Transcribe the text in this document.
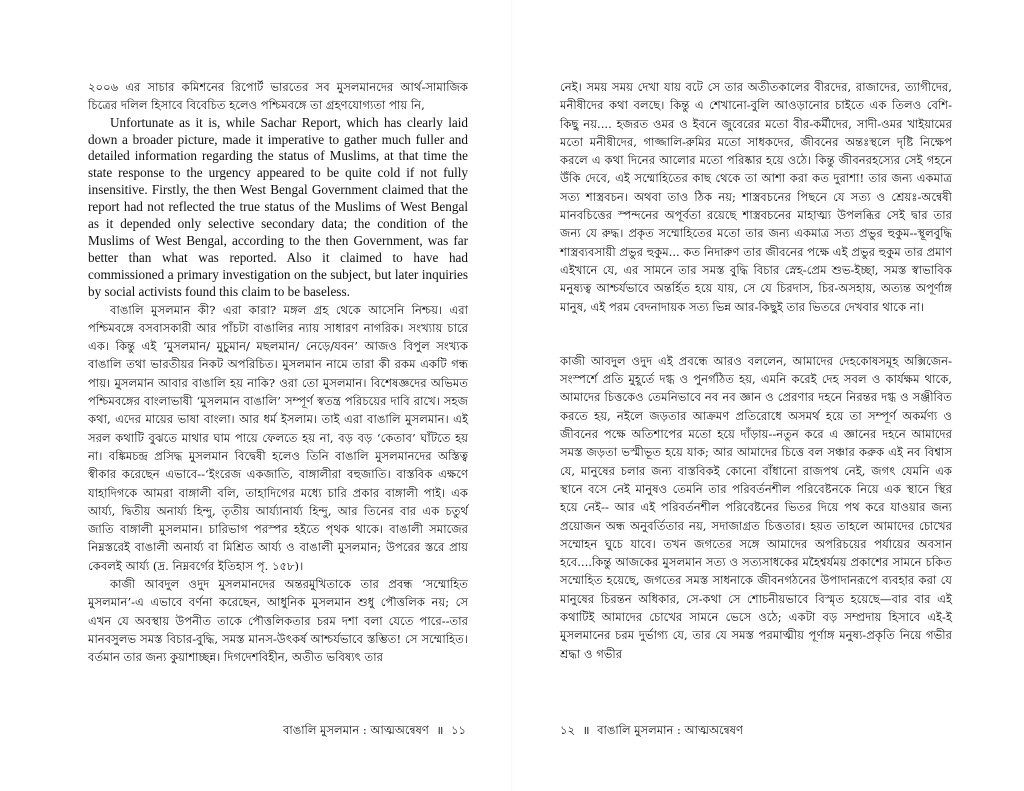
২০০৬ এর সাচার কমিশনের রিপোর্ট ভারতের সব মুসলমানদের আর্থ-সামাজিক চিত্রের দলিল হিসাবে বিবেচিত হলেও পশ্চিমবঙ্গে তা গ্রহণযোগ্যতা পায় নি,

Unfortunate as it is, while Sachar Report, which has clearly laid down a broader picture, made it imperative to gather much fuller and detailed information regarding the status of Muslims, at that time the state response to the urgency appeared to be quite cold if not fully insensitive. Firstly, the then West Bengal Government claimed that the report had not reflected the true status of the Muslims of West Bengal as it depended only selective secondary data; the condition of the Muslims of West Bengal, according to the then Government, was far better than what was reported. Also it claimed to have had commissioned a primary investigation on the subject, but later inquiries by social activists found this claim to be baseless.

বাঙালি মুসলমান কী? এরা কারা? মঙ্গল গ্রহ থেকে আসেনি নিশ্চয়। এরা পশ্চিমবঙ্গে বসবাসকারী আর পাঁচটা বাঙালির ন্যায় সাধারণ নাগরিক। সংখ্যায় চারে এক। কিন্তু এই ‘মুসলমান/ মুচুমান/ মছলমান/ নেড়ে/যবন’ আজও বিপুল সংখ্যক বাঙালি তথা ভারতীয়র নিকট অপরিচিত। মুসলমান নামে তারা কী রকম একটি গন্ধ পায়। মুসলমান আবার বাঙালি হয় নাকি? ওরা তো মুসলমান। বিশেষজ্ঞদের অভিমত পশ্চিমবঙ্গের বাংলাভাষী ‘মুসলমান বাঙালি’ সম্পূর্ণ স্বতন্ত্র পরিচয়ের দাবি রাখে। সহজ কথা, এদের মায়ের ভাষা বাংলা। আর ধর্ম ইসলাম। তাই এরা বাঙালি মুসলমান। এই সরল কথাটি বুঝতে মাথার ঘাম পায়ে ফেলতে হয় না, বড় বড় ‘কেতাব’ ঘাঁটতে হয় না। বঙ্কিমচন্দ্র প্রসিদ্ধ মুসলমান বিদ্বেষী হলেও তিনি বাঙালি মুসলমানদের অস্তিত্ব স্বীকার করেছেন এভাবে--‘ইংরেজ একজাতি, বাঙ্গালীরা বহুজাতি। বাস্তবিক এক্ষণে যাহাদিগকে আমরা বাঙ্গালী বলি, তাহাদিগের মধ্যে চারি প্রকার বাঙ্গালী পাই। এক আর্য্য, দ্বিতীয় অনার্য্য হিন্দু, তৃতীয় আর্য্যানার্য্য হিন্দু, আর তিনের বার এক চতুর্থ জাতি বাঙ্গালী মুসলমান। চারিভাগ পরস্পর হইতে পৃথক থাকে। বাঙালী সমাজের নিম্নস্তরেই বাঙালী অনার্য্য বা মিশ্রিত আর্য্য ও বাঙালী মুসলমান; উপরের স্তরে প্রায় কেবলই আর্য্য (দ্র. নিম্নবর্গের ইতিহাস পৃ. ১৫৮)।

কাজী আবদুল ওদুদ মুসলমানদের অন্তরমুখিতাকে তার প্রবন্ধ ‘সম্মোহিত মুসলমান’-এ এভাবে বর্ণনা করেছেন, আধুনিক মুসলমান শুধু পৌত্তলিক নয়; সে এখন যে অবস্থায় উপনীত তাকে পৌত্তলিকতার চরম দশা বলা যেতে পারে--তার মানবসুলভ সমস্ত বিচার-বুদ্ধি, সমস্ত মানস-উৎকর্ষ আশ্চর্যভাবে স্তম্ভিত! সে সম্মোহিত। বর্তমান তার জন্য কুয়াশাচ্ছন্ন। দিগদেশবিহীন, অতীত ভবিষ্যৎ তার

বাঙালি মুসলমান : আত্মঅন্বেষণ ॥ ১১

নেই। সময় সময় দেখা যায় বটে সে তার অতীতকালের বীরদের, রাজাদের, ত্যাগীদের, মনীষীদের কথা বলছে। কিন্তু এ শেখানো-বুলি আওড়ানোর চাইতে এক তিলও বেশি-কিছু নয়.... হজরত ওমর ও ইবনে জুবেরের মতো বীর-কর্মীদের, সাদী-ওমর খাইয়ামের মতো মনীষীদের, গাজ্জালি-রুমির মতো সাধকদের, জীবনের অন্তঃস্থলে দৃষ্টি নিক্ষেপ করলে এ কথা দিনের আলোর মতো পরিষ্কার হয়ে ওঠে। কিন্তু জীবনরহস্যের সেই গহনে উঁকি দেবে, এই সম্মোহিতের কাছ থেকে তা আশা করা কত দুরাশা! তার জন্য একমাত্র সত্য শাস্ত্রবচন। অথবা তাও ঠিক নয়; শাস্ত্রবচনের পিছনে যে সত্য ও শ্রেয়ঃ-অন্বেষী মানবচিত্তের স্পন্দনের অপূর্বতা রয়েছে শাস্ত্রবচনের মাহাত্ম্য উপলব্ধির সেই দ্বার তার জন্য যে রুদ্ধ। প্রকৃত সম্মোহিতের মতো তার জন্য একমাত্র সত্য প্রভুর হুকুম--স্থূলবুদ্ধি শাস্ত্রব্যবসায়ী প্রভুর হুকুম... কত নিদারুণ তার জীবনের পক্ষে এই প্রভুর হুকুম তার প্রমাণ এইখানে যে, এর সামনে তার সমস্ত বুদ্ধি বিচার স্নেহ-প্রেম শুভ-ইচ্ছা, সমস্ত স্বাভাবিক মনুষ্যত্ব আশ্চর্যভাবে অন্তর্হিত হয়ে যায়, সে যে চিরদাস, চির-অসহায়, অত্যন্ত অপূর্ণাঙ্গ মানুষ, এই পরম বেদনাদায়ক সত্য ভিন্ন আর-কিছুই তার ভিতরে দেখবার থাকে না।

কাজী আবদুল ওদুদ এই প্রবন্ধে আরও বললেন, আমাদের দেহকোষসমূহ অক্সিজেন-সংস্পর্শে প্রতি মুহূর্তে দগ্ধ ও পুনর্গঠিত হয়, এমনি করেই দেহ সবল ও কার্যক্ষম থাকে, আমাদের চিত্তকেও তেমনিভাবে নব নব জ্ঞান ও প্রেরণার দহনে নিরন্তর দগ্ধ ও সঞ্জীবিত করতে হয়, নইলে জড়তার আক্রমণ প্রতিরোধে অসমর্থ হয়ে তা সম্পূর্ণ অকর্মণ্য ও জীবনের পক্ষে অতিশাপের মতো হয়ে দাঁড়ায়--নতুন করে এ জ্ঞানের দহনে আমাদের সমস্ত জড়তা ভস্মীভূত হয়ে যাক; আর আমাদের চিত্তে বল সঞ্চার করুক এই নব বিশ্বাস যে, মানুষের চলার জন্য বাস্তবিকই কোনো বাঁধানো রাজপথ নেই, জগৎ যেমনি এক স্থানে বসে নেই মানুষও তেমনি তার পরিবর্তনশীল পরিবেষ্টনকে নিয়ে এক স্থানে স্থির হয়ে নেই-- আর এই পরিবর্তনশীল পরিবেষ্টনের ভিতর দিয়ে পথ করে যাওয়ার জন্য প্রয়োজন অন্ধ অনুবর্তিতার নয়, সদাজাগ্রত চিত্ততার। হয়ত তাহলে আমাদের চোখের সম্মোহন ঘুচে যাবে। তখন জগতের সঙ্গে আমাদের অপরিচয়ের পর্যায়ের অবসান হবে....কিন্তু আজকের মুসলমান সত্য ও সত্যসাধকের মহৈশ্বর্যময় প্রকাশের সামনে চকিত সম্মোহিত হয়েছে, জগতের সমস্ত সাধনাকে জীবনগঠনের উপাদানরূপে ব্যবহার করা যে মানুষের চিরন্তন অধিকার, সে-কথা সে শোচনীয়ভাবে বিস্মৃত হয়েছে—বার বার এই কথাটিই আমাদের চোখের সামনে ভেসে ওঠে; একটা বড় সম্প্রদায় হিসাবে এই-ই মুসলমানের চরম দুর্ভাগ্য যে, তার যে সমস্ত পরমাত্মীয় পূর্ণাঙ্গ মনুষ্য-প্রকৃতি নিয়ে গভীর শ্রদ্ধা ও গভীর

১২ ॥ বাঙালি মুসলমান : আত্মঅন্বেষণ
